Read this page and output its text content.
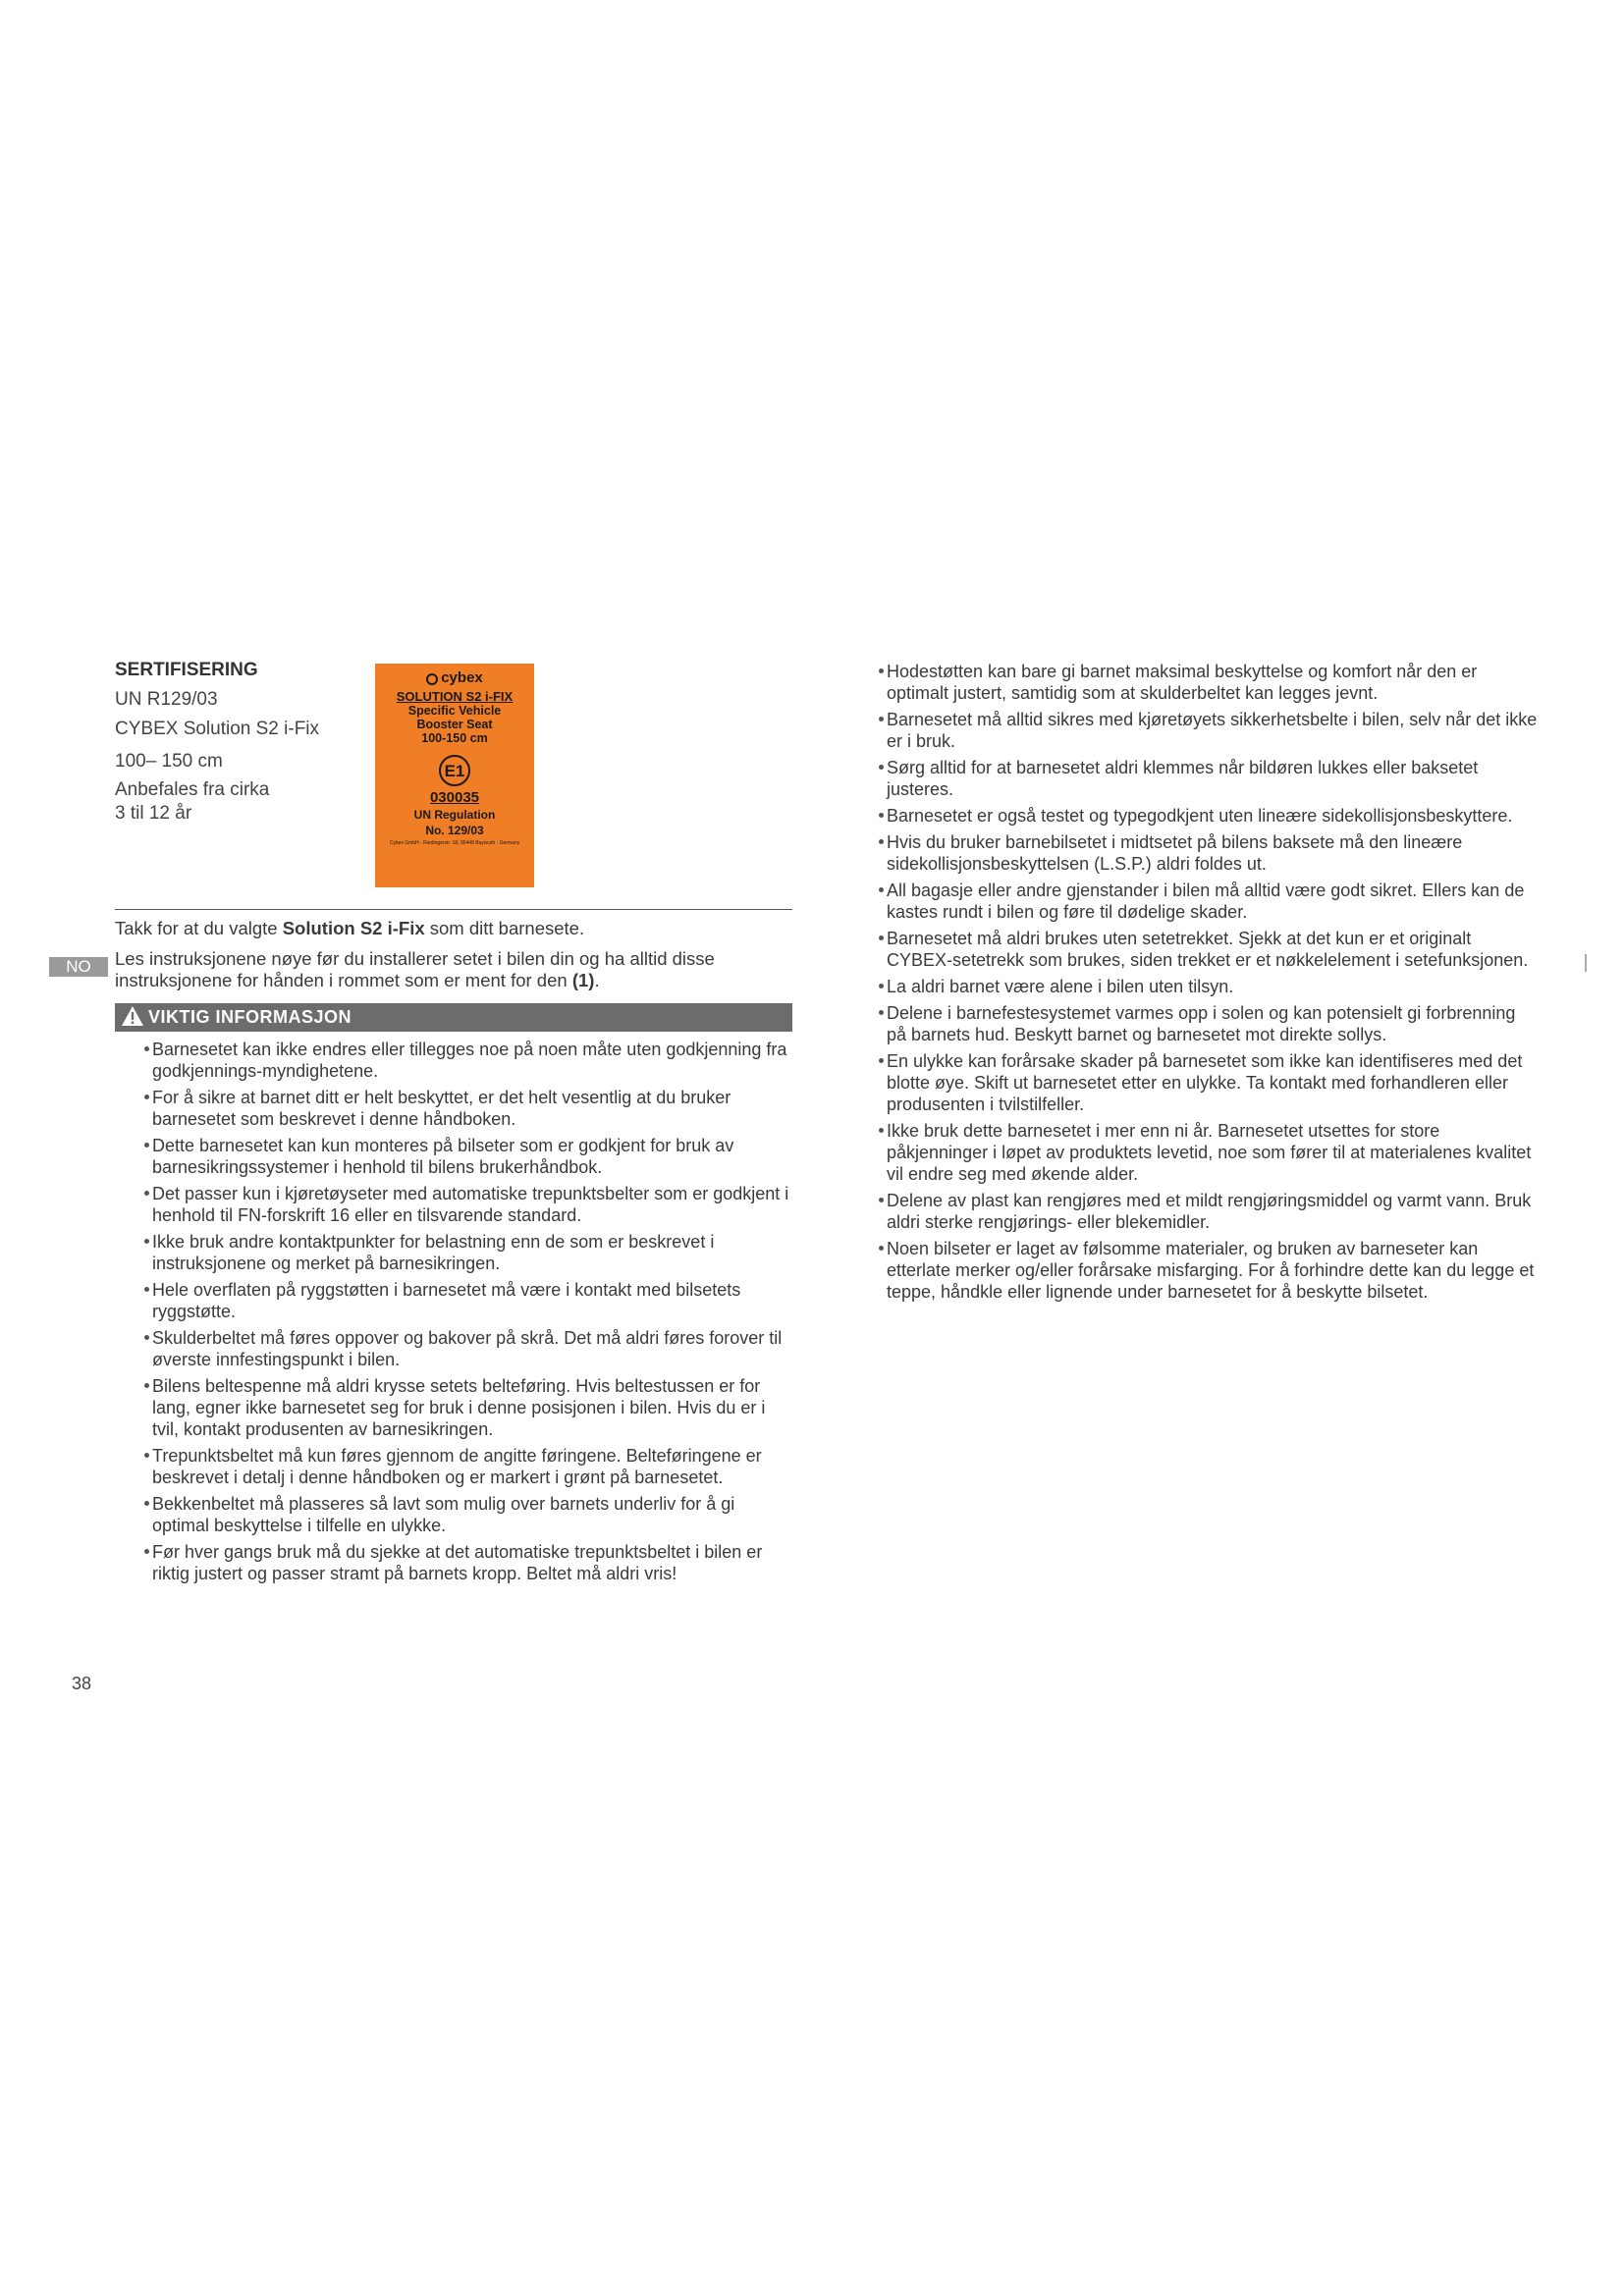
SERTIFISERING
UN R129/03
CYBEX Solution S2 i-Fix
100– 150 cm
Anbefales fra cirka
3 til 12 år
cybex
SOLUTION S2 i-FIX
Specific Vehicle
Booster Seat
100-150 cm
E1
030035
UN Regulation
No. 129/03
Cybex GmbH · Riedingerstr. 18, 95448 Bayreuth · Germany
Takk for at du valgte Solution S2 i-Fix som ditt barnesete.
NO	Les instruksjonene nøye før du installerer setet i bilen din og ha alltid disse
instruksjonene for hånden i rommet som er ment for den (1).
VIKTIG INFORMASJON
Barnesetet kan ikke endres eller tillegges noe på noen måte uten godkjenning fra godkjennings-myndighetene.
For å sikre at barnet ditt er helt beskyttet, er det helt vesentlig at du bruker barnesetet som beskrevet i denne håndboken.
Dette barnesetet kan kun monteres på bilseter som er godkjent for bruk av barnesikringssystemer i henhold til bilens brukerhåndbok.
Det passer kun i kjøretøyseter med automatiske trepunktsbelter som er godkjent i henhold til FN-forskrift 16 eller en tilsvarende standard.
Ikke bruk andre kontaktpunkter for belastning enn de som er beskrevet i instruksjonene og merket på barnesikringen.
Hele overflaten på ryggstøtten i barnesetet må være i kontakt med bilsetets ryggstøtte.
Skulderbeltet må føres oppover og bakover på skrå. Det må aldri føres forover til øverste innfestingspunkt i bilen.
Bilens beltespenne må aldri krysse setets belteføring. Hvis beltestussen er for lang, egner ikke barnesetet seg for bruk i denne posisjonen i bilen. Hvis du er i tvil, kontakt produsenten av barnesikringen.
Trepunktsbeltet må kun føres gjennom de angitte føringene. Belteføringene er beskrevet i detalj i denne håndboken og er markert i grønt på barnesetet.
Bekkenbeltet må plasseres så lavt som mulig over barnets underliv for å gi optimal beskyttelse i tilfelle en ulykke.
Før hver gangs bruk må du sjekke at det automatiske trepunktsbeltet i bilen er riktig justert og passer stramt på barnets kropp. Beltet må aldri vris!
Hodestøtten kan bare gi barnet maksimal beskyttelse og komfort når den er optimalt justert, samtidig som at skulderbeltet kan legges jevnt.
Barnesetet må alltid sikres med kjøretøyets sikkerhetsbelte i bilen, selv når det ikke er i bruk.
Sørg alltid for at barnesetet aldri klemmes når bildøren lukkes eller baksetet justeres.
Barnesetet er også testet og typegodkjent uten lineære sidekollisjonsbeskyttere.
Hvis du bruker barnebilsetet i midtsetet på bilens baksete må den lineære sidekollisjonsbeskyttelsen (L.S.P.) aldri foldes ut.
All bagasje eller andre gjenstander i bilen må alltid være godt sikret. Ellers kan de kastes rundt i bilen og føre til dødelige skader.
Barnesetet må aldri brukes uten setetrekket. Sjekk at det kun er et originalt CYBEX-setetrekk som brukes, siden trekket er et nøkkelelement i setefunksjonen.
La aldri barnet være alene i bilen uten tilsyn.
Delene i barnefestesystemet varmes opp i solen og kan potensielt gi forbrenning på barnets hud. Beskytt barnet og barnesetet mot direkte sollys.
En ulykke kan forårsake skader på barnesetet som ikke kan identifiseres med det blotte øye. Skift ut barnesetet etter en ulykke. Ta kontakt med forhandleren eller produsenten i tvilstilfeller.
Ikke bruk dette barnesetet i mer enn ni år. Barnesetet utsettes for store påkjenninger i løpet av produktets levetid, noe som fører til at materialenes kvalitet vil endre seg med økende alder.
Delene av plast kan rengjøres med et mildt rengjøringsmiddel og varmt vann. Bruk aldri sterke rengjørings- eller blekemidler.
Noen bilseter er laget av følsomme materialer, og bruken av barneseter kan etterlate merker og/eller forårsake misfarging. For å forhindre dette kan du legge et teppe, håndkle eller lignende under barnesetet for å beskytte bilsetet.
38
